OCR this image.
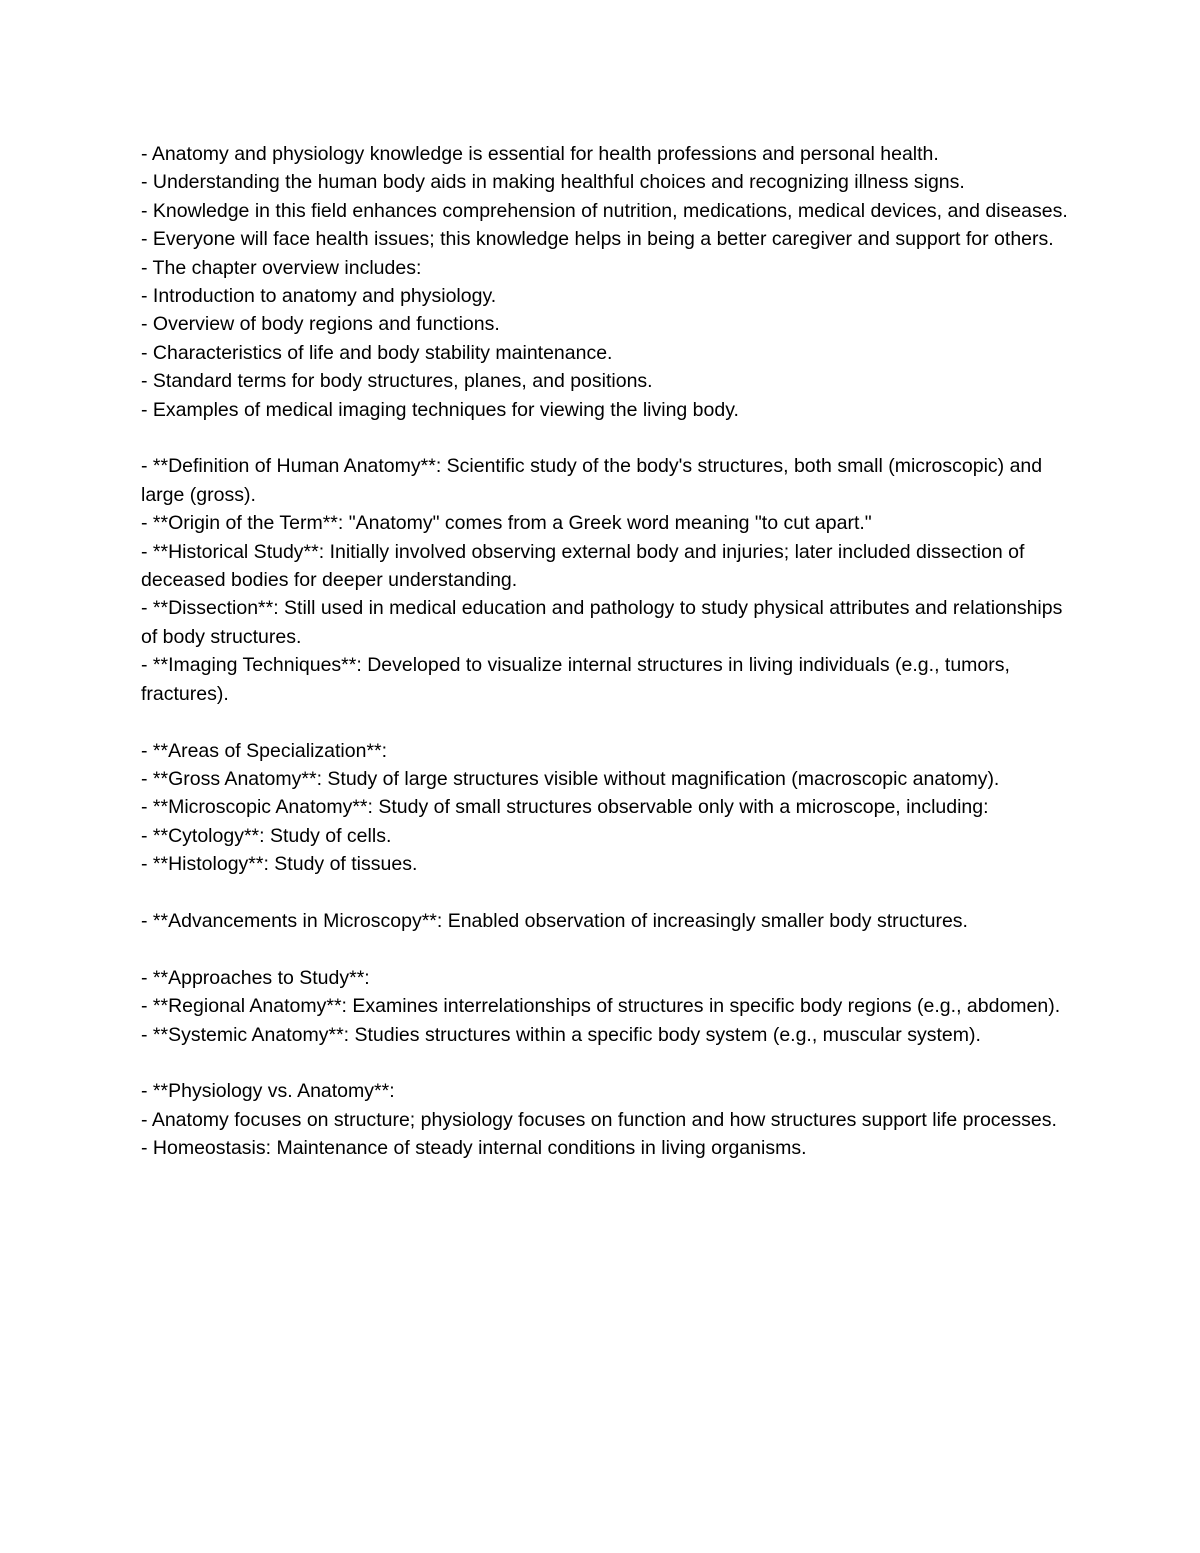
- Anatomy and physiology knowledge is essential for health professions and personal health.
- Understanding the human body aids in making healthful choices and recognizing illness signs.
- Knowledge in this field enhances comprehension of nutrition, medications, medical devices, and diseases.
- Everyone will face health issues; this knowledge helps in being a better caregiver and support for others.
- The chapter overview includes:
- Introduction to anatomy and physiology.
- Overview of body regions and functions.
- Characteristics of life and body stability maintenance.
- Standard terms for body structures, planes, and positions.
- Examples of medical imaging techniques for viewing the living body.
- **Definition of Human Anatomy**: Scientific study of the body's structures, both small (microscopic) and large (gross).
- **Origin of the Term**: "Anatomy" comes from a Greek word meaning "to cut apart."
- **Historical Study**: Initially involved observing external body and injuries; later included dissection of deceased bodies for deeper understanding.
- **Dissection**: Still used in medical education and pathology to study physical attributes and relationships of body structures.
- **Imaging Techniques**: Developed to visualize internal structures in living individuals (e.g., tumors, fractures).
- **Areas of Specialization**:
- **Gross Anatomy**: Study of large structures visible without magnification (macroscopic anatomy).
- **Microscopic Anatomy**: Study of small structures observable only with a microscope, including:
- **Cytology**: Study of cells.
- **Histology**: Study of tissues.
- **Advancements in Microscopy**: Enabled observation of increasingly smaller body structures.
- **Approaches to Study**:
- **Regional Anatomy**: Examines interrelationships of structures in specific body regions (e.g., abdomen).
- **Systemic Anatomy**: Studies structures within a specific body system (e.g., muscular system).
- **Physiology vs. Anatomy**:
- Anatomy focuses on structure; physiology focuses on function and how structures support life processes.
- Homeostasis: Maintenance of steady internal conditions in living organisms.
